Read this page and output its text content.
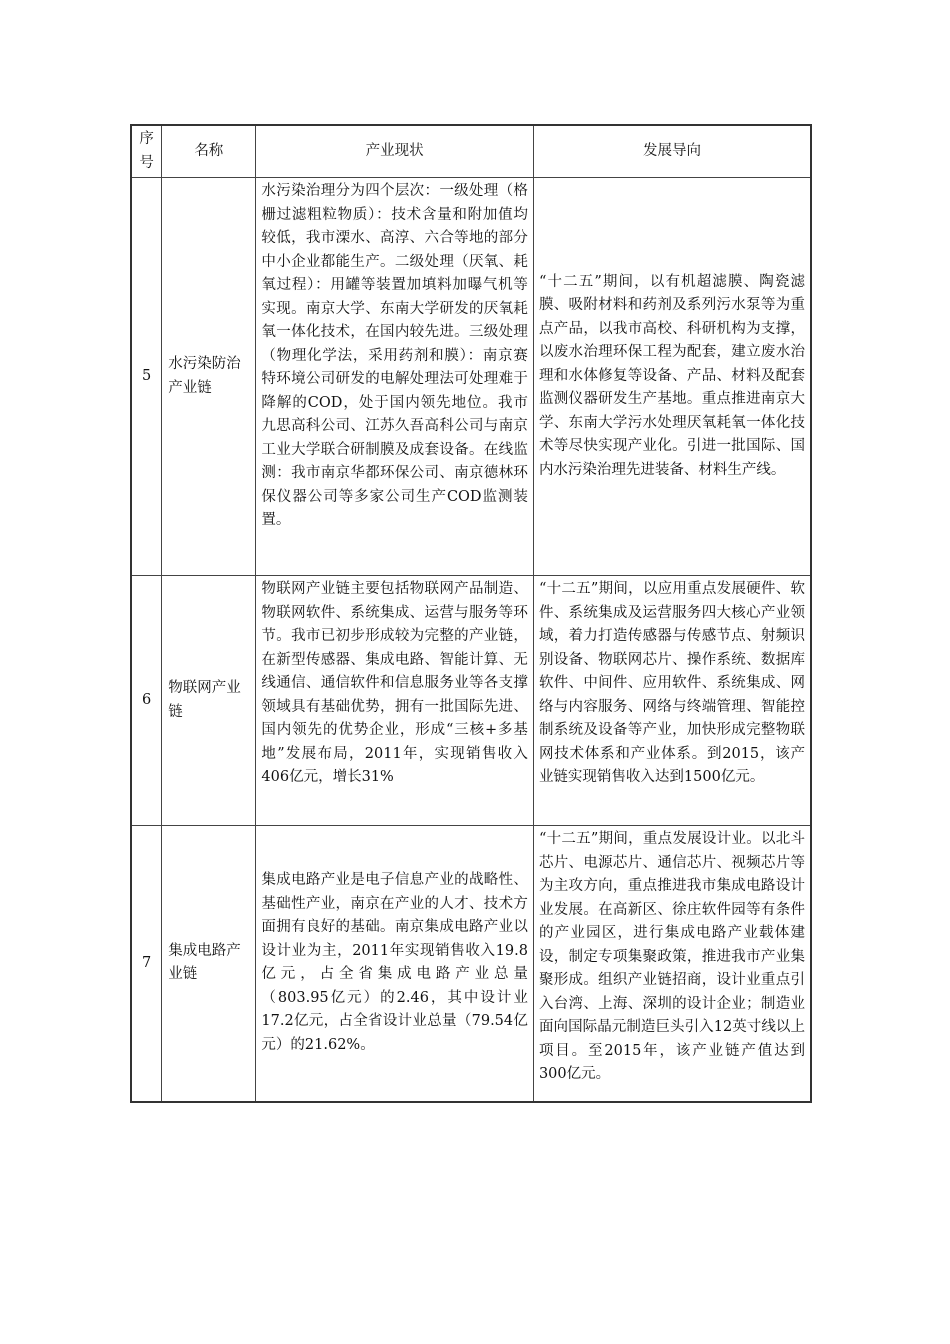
序号	名称	产业现状	发展导向
5	水污染防治产业链	水污染治理分为四个层次：一级处理（格栅过滤粗粒物质）：技术含量和附加值均较低，我市溧水、高淳、六合等地的部分中小企业都能生产。二级处理（厌氧、耗氧过程）：用罐等装置加填料加曝气机等实现。南京大学、东南大学研发的厌氧耗氧一体化技术，在国内较先进。三级处理（物理化学法，采用药剂和膜）：南京赛特环境公司研发的电解处理法可处理难于降解的COD，处于国内领先地位。我市九思高科公司、江苏久吾高科公司与南京工业大学联合研制膜及成套设备。在线监测：我市南京华都环保公司、南京德林环保仪器公司等多家公司生产COD监测装置。	“十二五”期间，以有机超滤膜、陶瓷滤膜、吸附材料和药剂及系列污水泵等为重点产品，以我市高校、科研机构为支撑，以废水治理环保工程为配套，建立废水治理和水体修复等设备、产品、材料及配套监测仪器研发生产基地。重点推进南京大学、东南大学污水处理厌氧耗氧一体化技术等尽快实现产业化。引进一批国际、国内水污染治理先进装备、材料生产线。
6	物联网产业链	物联网产业链主要包括物联网产品制造、物联网软件、系统集成、运营与服务等环节。我市已初步形成较为完整的产业链，在新型传感器、集成电路、智能计算、无线通信、通信软件和信息服务业等各支撑领域具有基础优势，拥有一批国际先进、国内领先的优势企业，形成“三核+多基地”发展布局，2011年，实现销售收入406亿元，增长31%	“十二五”期间，以应用重点发展硬件、软件、系统集成及运营服务四大核心产业领域，着力打造传感器与传感节点、射频识别设备、物联网芯片、操作系统、数据库软件、中间件、应用软件、系统集成、网络与内容服务、网络与终端管理、智能控制系统及设备等产业，加快形成完整物联网技术体系和产业体系。到2015，该产业链实现销售收入达到1500亿元。
7	集成电路产业链	集成电路产业是电子信息产业的战略性、基础性产业，南京在产业的人才、技术方面拥有良好的基础。南京集成电路产业以设计业为主，2011年实现销售收入19.8亿元，占全省集成电路产业总量（803.95亿元）的2.46，其中设计业17.2亿元，占全省设计业总量（79.54亿元）的21.62%。	“十二五”期间，重点发展设计业。以北斗芯片、电源芯片、通信芯片、视频芯片等为主攻方向，重点推进我市集成电路设计业发展。在高新区、徐庄软件园等有条件的产业园区，进行集成电路产业载体建设，制定专项集聚政策，推进我市产业集聚形成。组织产业链招商，设计业重点引入台湾、上海、深圳的设计企业；制造业面向国际晶元制造巨头引入12英寸线以上项目。至2015年，该产业链产值达到300亿元。
